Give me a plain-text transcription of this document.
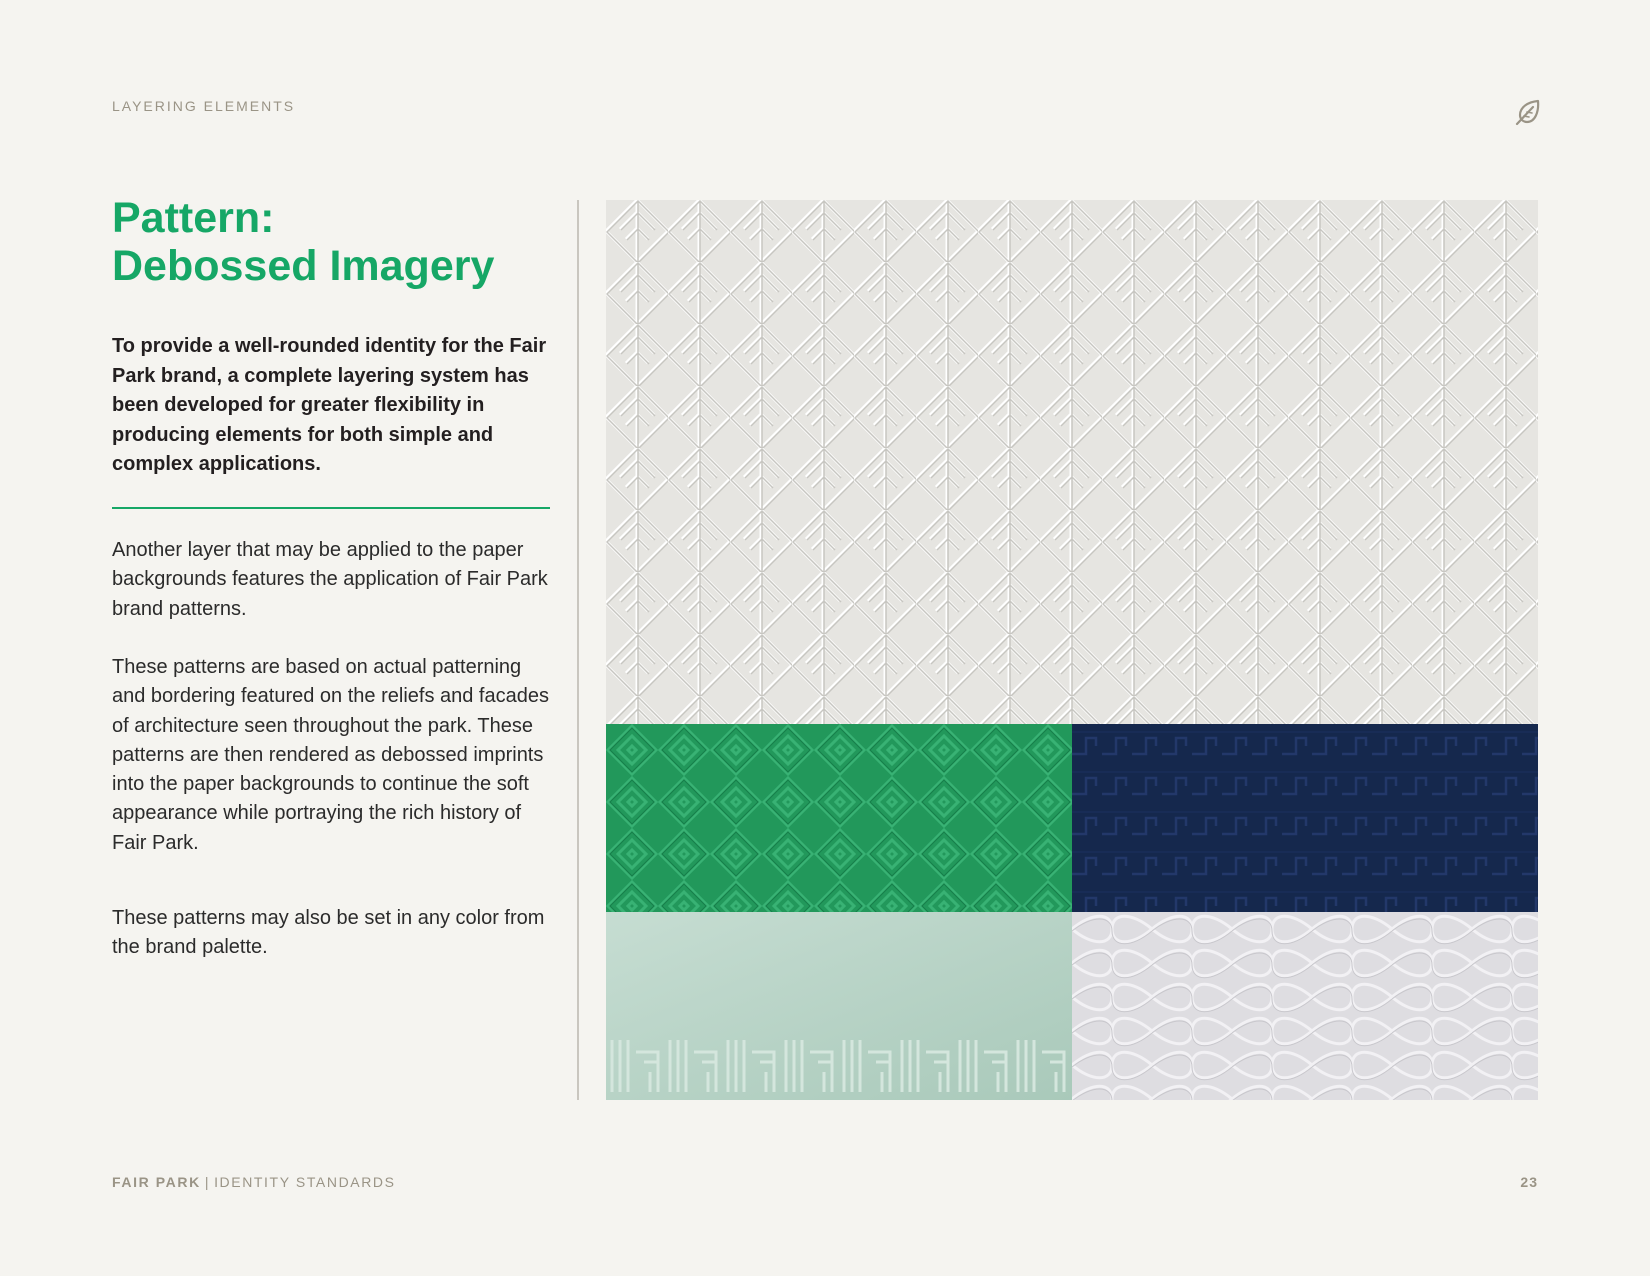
LAYERING ELEMENTS
Pattern:
Debossed Imagery

To provide a well-rounded identity for the Fair Park brand, a complete layering system has been developed for greater flexibility in producing elements for both simple and complex applications.

Another layer that may be applied to the paper backgrounds features the application of Fair Park brand patterns.

These patterns are based on actual patterning and bordering featured on the reliefs and facades of architecture seen throughout the park. These patterns are then rendered as debossed imprints into the paper backgrounds to continue the soft appearance while portraying the rich history of Fair Park.

These patterns may also be set in any color from the brand palette.

FAIR PARK | IDENTITY STANDARDS	23
